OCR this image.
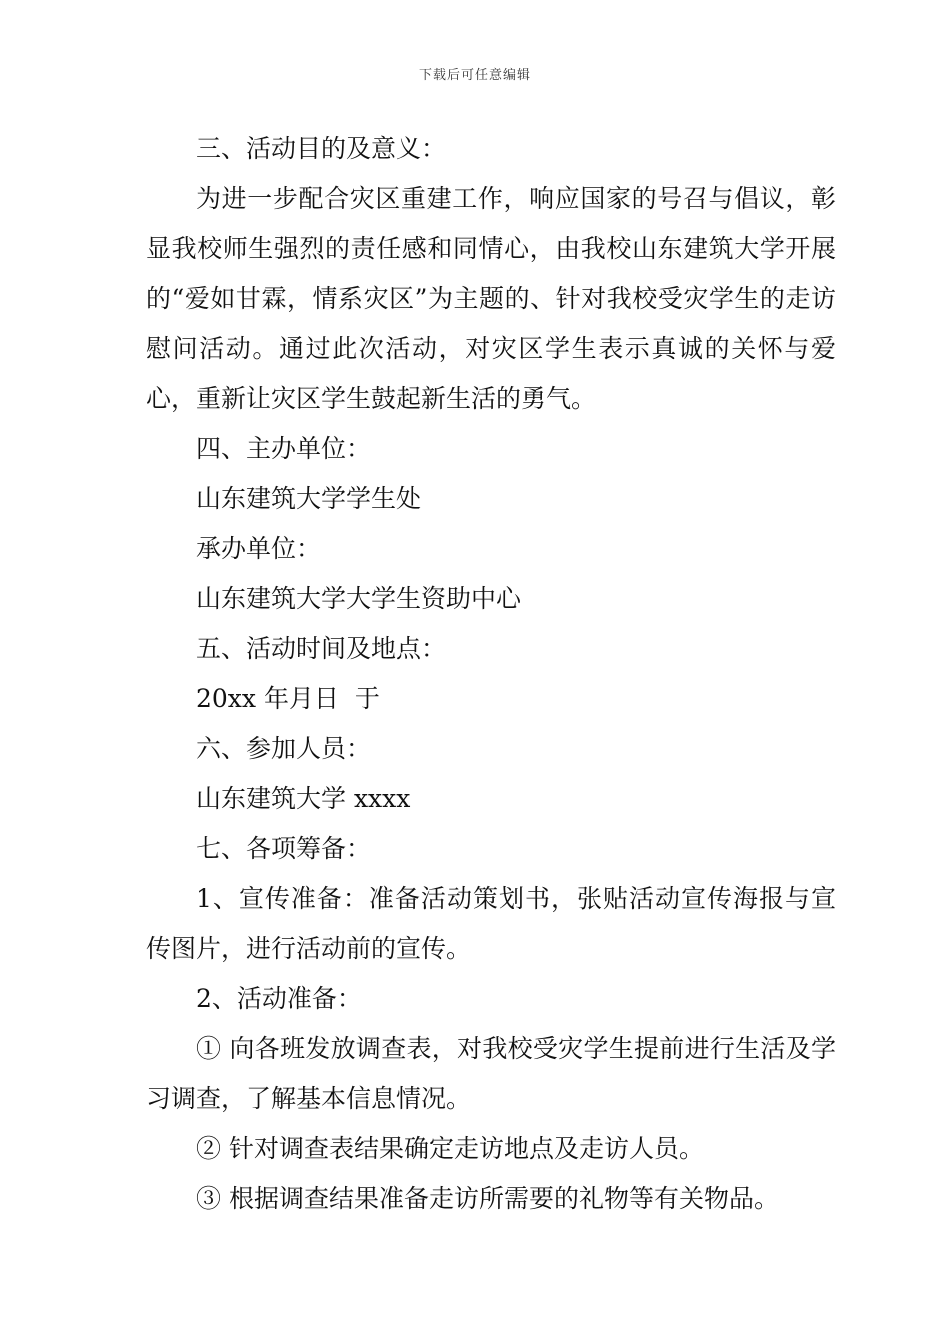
下载后可任意编辑

三、活动目的及意义：

为进一步配合灾区重建工作，响应国家的号召与倡议，彰显我校师生强烈的责任感和同情心，由我校山东建筑大学开展的“爱如甘霖，情系灾区”为主题的、针对我校受灾学生的走访慰问活动。通过此次活动，对灾区学生表示真诚的关怀与爱心，重新让灾区学生鼓起新生活的勇气。

四、主办单位：

山东建筑大学学生处

承办单位：

山东建筑大学大学生资助中心

五、活动时间及地点：

20xx 年月日  于

六、参加人员：

山东建筑大学 xxxx

七、各项筹备：

1、宣传准备：准备活动策划书，张贴活动宣传海报与宣传图片，进行活动前的宣传。

2、活动准备：

① 向各班发放调查表，对我校受灾学生提前进行生活及学习调查，了解基本信息情况。

② 针对调查表结果确定走访地点及走访人员。

③ 根据调查结果准备走访所需要的礼物等有关物品。
